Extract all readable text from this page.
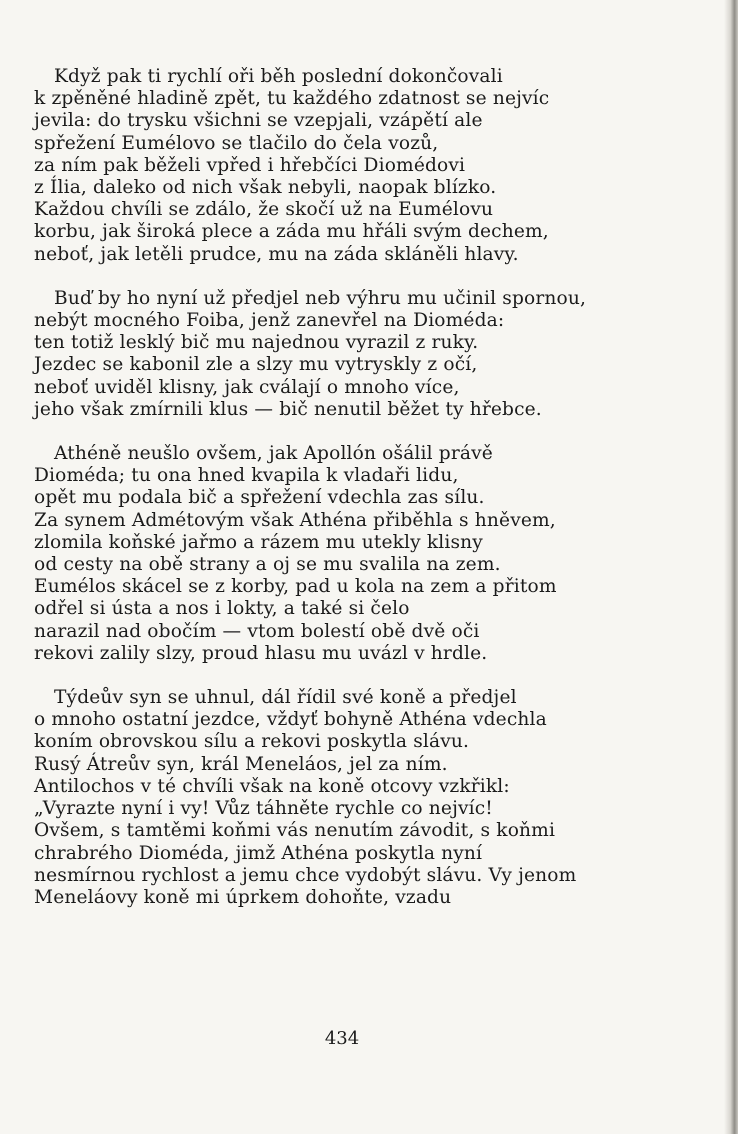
Když pak ti rychlí oři běh poslední dokončovali
k zpěněné hladině zpět, tu každého zdatnost se nejvíc
jevila: do trysku všichni se vzepjali, vzápětí ale
spřežení Eumélovo se tlačilo do čela vozů,
za ním pak běželi vpřed i hřebčíci Diomédovi
z Ília, daleko od nich však nebyli, naopak blízko.
Každou chvíli se zdálo, že skočí už na Eumélovu
korbu, jak široká plece a záda mu hřáli svým dechem,
neboť, jak letěli prudce, mu na záda skláněli hlavy.
Buď by ho nyní už předjel neb výhru mu učinil spornou,
nebýt mocného Foiba, jenž zanevřel na Dioméda:
ten totiž lesklý bič mu najednou vyrazil z ruky.
Jezdec se kabonil zle a slzy mu vytryskly z očí,
neboť uviděl klisny, jak cválají o mnoho více,
jeho však zmírnili klus — bič nenutil běžet ty hřebce.
Athéně neušlo ovšem, jak Apollón ošálil právě
Dioméda; tu ona hned kvapila k vladaři lidu,
opět mu podala bič a spřežení vdechla zas sílu.
Za synem Admétovým však Athéna přiběhla s hněvem,
zlomila koňské jařmo a rázem mu utekly klisny
od cesty na obě strany a oj se mu svalila na zem.
Eumélos skácel se z korby, pad u kola na zem a přitom
odřel si ústa a nos i lokty, a také si čelo
narazil nad obočím — vtom bolestí obě dvě oči
rekovi zalily slzy, proud hlasu mu uvázl v hrdle.
Týdeův syn se uhnul, dál řídil své koně a předjel
o mnoho ostatní jezdce, vždyť bohyně Athéna vdechla
koním obrovskou sílu a rekovi poskytla slávu.
Rusý Átreův syn, král Meneláos, jel za ním.
Antilochos v té chvíli však na koně otcovy vzkřikl:
„Vyrazte nyní i vy! Vůz táhněte rychle co nejvíc!
Ovšem, s tamtěmi koňmi vás nenutím závodit, s koňmi
chrabrého Dioméda, jimž Athéna poskytla nyní
nesmírnou rychlost a jemu chce vydobýt slávu. Vy jenom
Meneláovy koně mi úprkem dohoňte, vzadu
434
